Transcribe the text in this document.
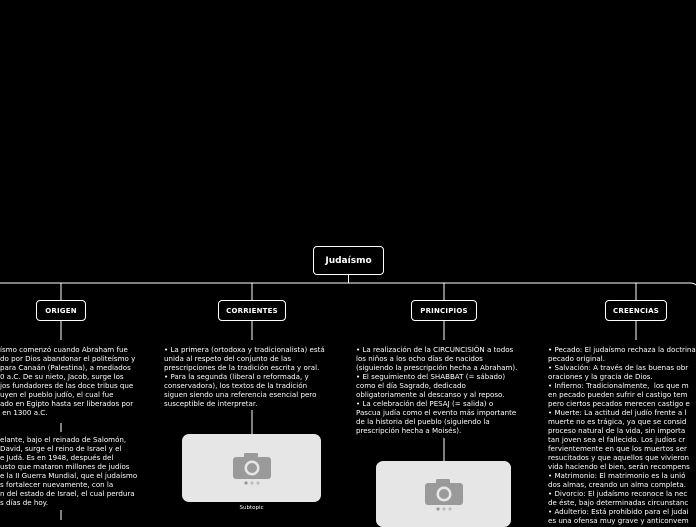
Judaísmo
ORIGEN	CORRIENTES	PRINCIPIOS	CREENCIAS

ísmo comenzó cuando Abraham fue
do por Dios abandonar el politeísmo y
para Canaán (Palestina), a mediados
0 a.C. De su nieto, Jacob, surge los
jos fundadores de las doce tribus que
uyen el pueblo judío, el cual fue
ado en Egipto hasta ser liberados por
en 1300 a.C.

elante, bajo el reinado de Salomón,
David, surge el reino de Israel y el
e Judá. Es en 1948, después del
usto que mataron millones de judíos
e la II Guerra Mundial, que el judaísmo
s fortalecer nuevamente, con la
n del estado de Israel, el cual perdura
s días de hoy.

• La primera (ortodoxa y tradicionalista) está
unida al respeto del conjunto de las
prescripciones de la tradición escrita y oral.
• Para la segunda (liberal o reformada, y
conservadora), los textos de la tradición
siguen siendo una referencia esencial pero
susceptible de interpretar.

Subtopic

• La realización de la CIRCUNCISIÓN a todos
los niños a los ocho días de nacidos
(siguiendo la prescripción hecha a Abraham).
• El seguimiento del SHABBAT (= sábado)
como el día Sagrado, dedicado
obligatoriamente al descanso y al reposo.
• La celebración del PESAJ (= salida) o
Pascua judía como el evento más importante
de la historia del pueblo (siguiendo la
prescripción hecha a Moisés).

• Pecado: El judaísmo rechaza la doctrina
pecado original.
• Salvación: A través de las buenas obr
oraciones y la gracia de Dios.
• Infierno: Tradicionalmente,  los que m
en pecado pueden sufrir el castigo tem
pero ciertos pecados merecen castigo e
• Muerte: La actitud del judío frente a l
muerte no es trágica, ya que se consid
proceso natural de la vida, sin importa
tan joven sea el fallecido. Los judíos cr
fervientemente en que los muertos ser
resucitados y que aquellos que vivieron
vida haciendo el bien, serán recompens
• Matrimonio: El matrimonio es la unió
dos almas, creando un alma completa.
• Divorcio: El judaísmo reconoce la nec
de éste, bajo determinadas circunstanc
• Adulterio: Está prohibido para el judai
es una ofensa muy grave y anticonvem
